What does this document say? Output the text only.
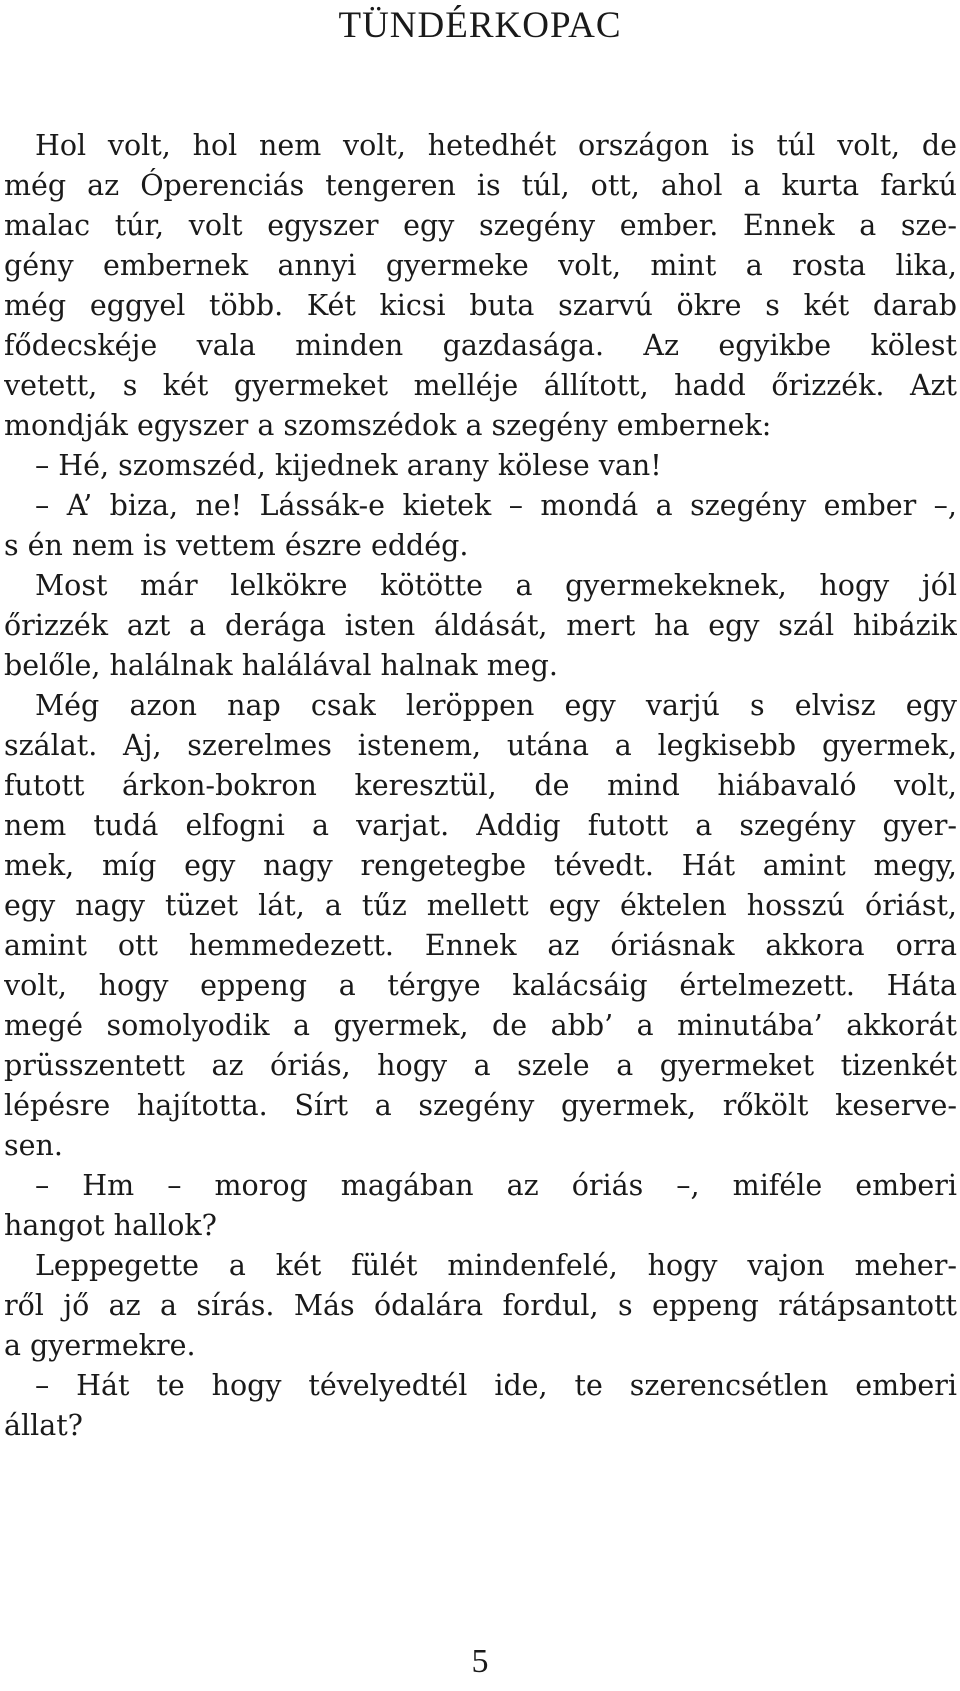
TÜNDÉRKOPAC
Hol volt, hol nem volt, hetedhét országon is túl volt, de
még az Óperenciás tengeren is túl, ott, ahol a kurta farkú
malac túr, volt egyszer egy szegény ember. Ennek a sze-
gény embernek annyi gyermeke volt, mint a rosta lika,
még eggyel több. Két kicsi buta szarvú ökre s két darab
fődecskéje vala minden gazdasága. Az egyikbe kölest
vetett, s két gyermeket melléje állított, hadd őrizzék. Azt
mondják egyszer a szomszédok a szegény embernek:
– Hé, szomszéd, kijednek arany kölese van!
– A’ biza, ne! Lássák-e kietek – mondá a szegény ember –,
s én nem is vettem észre eddég.
Most már lelkökre kötötte a gyermekeknek, hogy jól
őrizzék azt a derága isten áldását, mert ha egy szál hibázik
belőle, halálnak halálával halnak meg.
Még azon nap csak leröppen egy varjú s elvisz egy
szálat. Aj, szerelmes istenem, utána a legkisebb gyermek,
futott árkon-bokron keresztül, de mind hiábavaló volt,
nem tudá elfogni a varjat. Addig futott a szegény gyer-
mek, míg egy nagy rengetegbe tévedt. Hát amint megy,
egy nagy tüzet lát, a tűz mellett egy éktelen hosszú óriást,
amint ott hemmedezett. Ennek az óriásnak akkora orra
volt, hogy eppeng a térgye kalácsáig értelmezett. Háta
megé somolyodik a gyermek, de abb’ a minutába’ akkorát
prüsszentett az óriás, hogy a szele a gyermeket tizenkét
lépésre hajította. Sírt a szegény gyermek, rőkölt keserve-
sen.
– Hm – morog magában az óriás –, miféle emberi
hangot hallok?
Leppegette a két fülét mindenfelé, hogy vajon meher-
ről jő az a sírás. Más ódalára fordul, s eppeng rátápsantott
a gyermekre.
– Hát te hogy tévelyedtél ide, te szerencsétlen emberi
állat?
5
